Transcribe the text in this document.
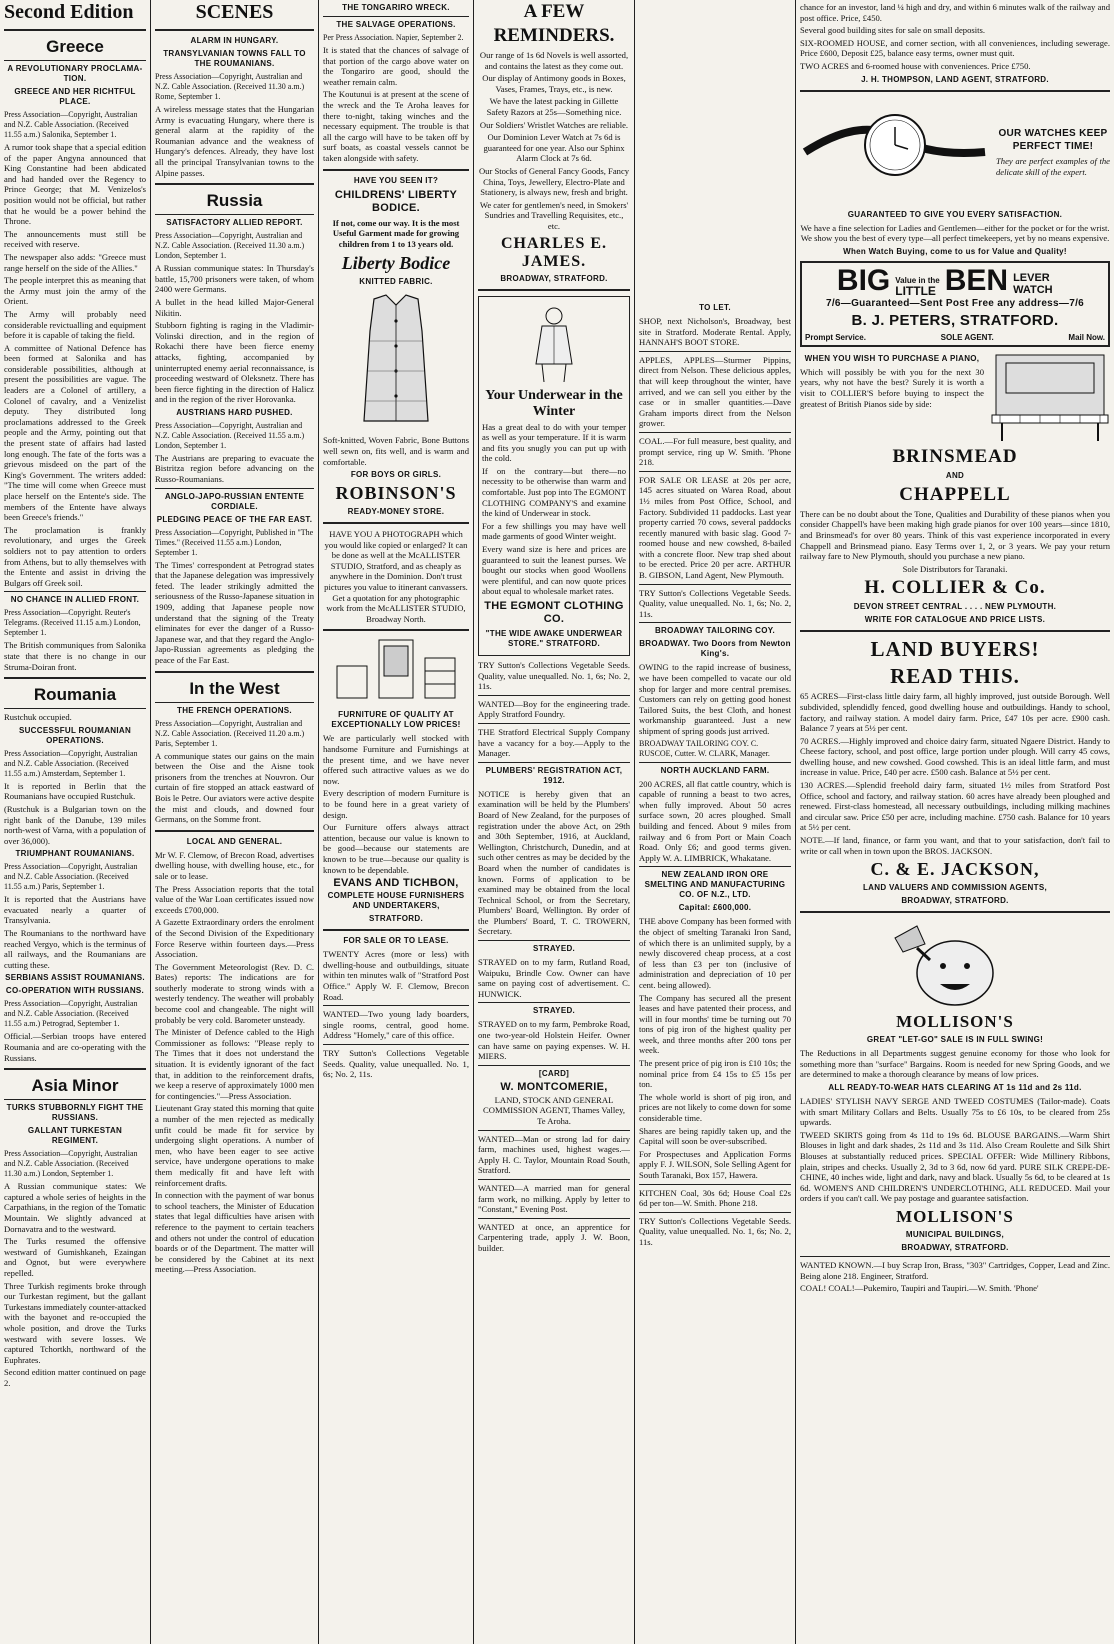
Second Edition
Greece
A REVOLUTIONARY PROCLAMA-TION.
GREECE AND HER RICHTFUL PLACE.

Press Association—Copyright, Australian and N.Z. Cable Association. (Received 11.55 a.m.) Salonika, September 1.

A rumor took shape that a special edition of the paper Angyna announced that King Constantine had been abdicated and had handed over the Regency to Prince George; that M. Venizelos's position would not be official, but rather that he would be a power behind the Throne.

The announcements must still be received with reserve.

The newspaper also adds: "Greece must range herself on the side of the Allies."

The people interpret this as meaning that the Army must join the army of the Orient.

The Army will probably need considerable revictualling and equipment before it is capable of taking the field.

A committee of National Defence has been formed at Salonika and has considerable possibilities, although at present the possibilities are vague. The leaders are a Colonel of artillery, a Colonel of cavalry, and a Venizelist deputy. They distributed long proclamations addressed to the Greek people and the Army, pointing out that the present state of affairs had lasted long enough. The fate of the forts was a grievous misdeed on the part of the King's Government. The writers added: "The time will come when Greece must place herself on the Entente's side. The members of the Entente have always been Greece's friends."

The proclamation is frankly revolutionary, and urges the Greek soldiers not to pay attention to orders from Athens, but to ally themselves with the Entente and assist in driving the Bulgars off Greek soil.

NO CHANCE IN ALLIED FRONT.

Press Association—Copyright. Reuter's Telegrams. (Received 11.15 a.m.) London, September 1.

The British communiques from Salonika state that there is no change in our Struma-Doiran front.

Roumania

Rustchuk occupied.

SUCCESSFUL ROUMANIAN OPERATIONS.

Press Association—Copyright, Australian and N.Z. Cable Association. (Received 11.55 a.m.) Amsterdam, September 1.

It is reported in Berlin that the Roumanians have occupied Rustchuk.

(Rustchuk is a Bulgarian town on the right bank of the Danube, 139 miles north-west of Varna, with a population of over 36,000).

TRIUMPHANT ROUMANIANS.

Press Association—Copyright, Australian and N.Z. Cable Association. (Received 11.55 a.m.) Paris, September 1.

It is reported that the Austrians have evacuated nearly a quarter of Transylvania.

The Roumanians to the northward have reached Vergyo, which is the terminus of all railways, and the Roumanians are cutting these.

SERBIANS ASSIST ROUMANIANS.
CO-OPERATION WITH RUSSIANS.

Press Association—Copyright, Australian and N.Z. Cable Association. (Received 11.55 a.m.) Petrograd, September 1.

Official.—Serbian troops have entered Roumania and are co-operating with the Russians.

Asia Minor
TURKS STUBBORNLY FIGHT THE RUSSIANS.
GALLANT TURKESTAN REGIMENT.

Press Association—Copyright, Australian and N.Z. Cable Association. (Received 11.30 a.m.) London, September 1.

A Russian communique states: We captured a whole series of heights in the Carpathians, in the region of the Tomatic Mountain. We slightly advanced at Dornavatra and to the westward.

The Turks resumed the offensive westward of Gumishkaneh, Ezaingan and Ognot, but were everywhere repelled.

Three Turkish regiments broke through our Turkestan regiment, but the gallant Turkestans immediately counter-attacked with the bayonet and re-occupied the whole position, and drove the Turks westward with severe losses. We captured Tchortkh, northward of the Euphrates.

Second edition matter continued on page 2.

SCENES
ALARM IN HUNGARY.
TRANSYLVANIAN TOWNS FALL TO THE ROUMANIANS.

Press Association—Copyright, Australian and N.Z. Cable Association. (Received 11.30 a.m.) Rome, September 1.

A wireless message states that the Hungarian Army is evacuating Hungary, where there is general alarm at the rapidity of the Roumanian advance and the weakness of Hungary's defences. Already, they have lost all the principal Transylvanian towns to the Alpine passes.

Russia
SATISFACTORY ALLIED REPORT.

Press Association—Copyright, Australian and N.Z. Cable Association. (Received 11.30 a.m.) London, September 1.

A Russian communique states: In Thursday's battle, 15,700 prisoners were taken, of whom 2400 were Germans.

A bullet in the head killed Major-General Nikitin.

Stubborn fighting is raging in the Vladimir-Volinski direction, and in the region of Rokachi there have been fierce enemy attacks, fighting, accompanied by uninterrupted enemy aerial reconnaissance, is proceeding westward of Oleksnetz. There has been fierce fighting in the direction of Halicz and in the region of the river Horovanka.

AUSTRIANS HARD PUSHED.

Press Association—Copyright, Australian and N.Z. Cable Association. (Received 11.55 a.m.) London, September 1.

The Austrians are preparing to evacuate the Bistritza region before advancing on the Russo-Roumanians.

ANGLO-JAPO-RUSSIAN ENTENTE CORDIALE.
PLEDGING PEACE OF THE FAR EAST.

Press Association—Copyright, Published in "The Times." (Received 11.55 a.m.) London, September 1.

The Times' correspondent at Petrograd states that the Japanese delegation was impressively feted. The leader strikingly admitted the seriousness of the Russo-Japanese situation in 1909, adding that Japanese people now understand that the signing of the Treaty eliminates for ever the danger of a Russo-Japanese war, and that they regard the Anglo-Japo-Russian agreements as pledging the peace of the Far East.

In the West
THE FRENCH OPERATIONS.

Press Association—Copyright, Australian and N.Z. Cable Association. (Received 11.20 a.m.) Paris, September 1.

A communique states our gains on the main between the Oise and the Aisne took prisoners from the trenches at Nouvron. Our curtain of fire stopped an attack eastward of Bois le Petre. Our aviators were active despite the mist and clouds, and downed four Germans, on the Somme front.

LOCAL AND GENERAL.

Mr W. F. Clemow, of Brecon Road, advertises dwelling house, with dwelling house, etc., for sale or to lease.

The Press Association reports that the total value of the War Loan certificates issued now exceeds £700,000.

A Gazette Extraordinary orders the enrolment of the Second Division of the Expeditionary Force Reserve within fourteen days.—Press Association.

The Government Meteorologist (Rev. D. C. Bates) reports: The indications are for southerly moderate to strong winds with a westerly tendency. The weather will probably become cool and changeable. The night will probably be very cold. Barometer unsteady.

The Minister of Defence cabled to the High Commissioner as follows: "Please reply to The Times that it does not understand the situation. It is evidently ignorant of the fact that, in addition to the reinforcement drafts, we keep a reserve of approximately 1000 men for contingencies."—Press Association.

Lieutenant Gray stated this morning that quite a number of the men rejected as medically unfit could be made fit for service by undergoing slight operations. A number of men, who have been eager to see active service, have undergone operations to make them medically fit and have left with reinforcement drafts.

In connection with the payment of war bonus to school teachers, the Minister of Education states that legal difficulties have arisen with reference to the payment to certain teachers and others not under the control of education boards or of the Department. The matter will be considered by the Cabinet at its next meeting.—Press Association.

THE TONGARIRO WRECK.
THE SALVAGE OPERATIONS.

Per Press Association. Napier, September 2.

It is stated that the chances of salvage of that portion of the cargo above water on the Tongariro are good, should the weather remain calm.

The Koutunui is at present at the scene of the wreck and the Te Aroha leaves for there to-night, taking winches and the necessary equipment. The trouble is that all the cargo will have to be taken off by surf boats, as coastal vessels cannot be taken alongside with safety.

HAVE YOU SEEN IT?
CHILDRENS' LIBERTY BODICE.

If not, come our way. It is the most Useful Garment made for growing children from 1 to 13 years old.

Liberty Bodice
KNITTED FABRIC.

Soft-knitted, Woven Fabric, Bone Buttons well sewn on, fits well, and is warm and comfortable.

FOR BOYS OR GIRLS.
ROBINSON'S
READY-MONEY STORE.

HAVE YOU A PHOTOGRAPH which you would like copied or enlarged? It can be done as well at the McALLISTER STUDIO, Stratford, and as cheaply as anywhere in the Dominion. Don't trust pictures you value to itinerant canvassers. Get a quotation for any photographic work from the McALLISTER STUDIO, Broadway North.

FURNITURE OF QUALITY AT EXCEPTIONALLY LOW PRICES!

We are particularly well stocked with handsome Furniture and Furnishings at the present time, and we have never offered such attractive values as we do now.

Every description of modern Furniture is to be found here in a great variety of design.

Our Furniture offers always attract attention, because our value is known to be good—because our statements are known to be true—because our quality is known to be dependable.

EVANS AND TICHBON,
COMPLETE HOUSE FURNISHERS AND UNDERTAKERS,
STRATFORD.
FOR SALE OR TO LEASE.

TWENTY Acres (more or less) with dwelling-house and outbuildings, situate within ten minutes walk of "Stratford Post Office." Apply W. F. Clemow, Brecon Road.

WANTED—Two young lady boarders, single rooms, central, good home. Address "Homely," care of this office.

TRY Sutton's Collections Vegetable Seeds. Quality, value unequalled. No. 1, 6s; No. 2, 11s.

A FEW REMINDERS.

Our range of 1s 6d Novels is well assorted, and contains the latest as they come out.

Our display of Antimony goods in Boxes, Vases, Frames, Trays, etc., is new.

We have the latest packing in Gillette Safety Razors at 25s—Something nice.

Our Soldiers' Wristlet Watches are reliable.

Our Dominion Lever Watch at 7s 6d is guaranteed for one year. Also our Sphinx Alarm Clock at 7s 6d.

Our Stocks of General Fancy Goods, Fancy China, Toys, Jewellery, Electro-Plate and Stationery, is always new, fresh and bright.

We cater for gentlemen's need, in Smokers' Sundries and Travelling Requisites, etc., etc.

CHARLES E. JAMES.
BROADWAY, STRATFORD.
Your Underwear in the Winter

Has a great deal to do with your temper as well as your temperature. If it is warm and fits you snugly you can put up with the cold.

If on the contrary—but there—no necessity to be otherwise than warm and comfortable. Just pop into The EGMONT CLOTHING COMPANY'S and examine the kind of Underwear in stock.

For a few shillings you may have well made garments of good Winter weight.

Every wand size is here and prices are guaranteed to suit the leanest purses. We bought our stocks when good Woollens were plentiful, and can now quote prices about equal to wholesale market rates.

THE EGMONT CLOTHING CO.
"THE WIDE AWAKE UNDERWEAR STORE." STRATFORD.

TRY Sutton's Collections Vegetable Seeds. Quality, value unequalled. No. 1, 6s; No. 2, 11s.

WANTED—Boy for the engineering trade. Apply Stratford Foundry.

THE Stratford Electrical Supply Company have a vacancy for a boy.—Apply to the Manager.

PLUMBERS' REGISTRATION ACT, 1912.

NOTICE is hereby given that an examination will be held by the Plumbers' Board of New Zealand, for the purposes of registration under the above Act, on 29th and 30th September, 1916, at Auckland, Wellington, Christchurch, Dunedin, and at such other centres as may be decided by the Board when the number of candidates is known. Forms of application to be examined may be obtained from the local Technical School, or from the Secretary, Plumbers' Board, Wellington. By order of the Plumbers' Board, T. C. TROWERN, Secretary.

STRAYED.

STRAYED on to my farm, Rutland Road, Waipuku, Brindle Cow. Owner can have same on paying cost of advertisement. C. HUNWICK.

STRAYED.

STRAYED on to my farm, Pembroke Road, one two-year-old Holstein Heifer. Owner can have same on paying expenses. W. H. MIERS.

[CARD]
W. MONTCOMERIE,

LAND, STOCK AND GENERAL COMMISSION AGENT, Thames Valley, Te Aroha.

WANTED—Man or strong lad for dairy farm, machines used, highest wages.—Apply H. C. Taylor, Mountain Road South, Stratford.

WANTED—A married man for general farm work, no milking. Apply by letter to "Constant," Evening Post.

WANTED at once, an apprentice for Carpentering trade, apply J. W. Boon, builder.

TO LET.

SHOP, next Nicholson's, Broadway, best site in Stratford. Moderate Rental. Apply, HANNAH'S BOOT STORE.

APPLES, APPLES—Sturmer Pippins, direct from Nelson. These delicious apples, that will keep throughout the winter, have arrived, and we can sell you either by the case or in smaller quantities.—Dave Graham imports direct from the Nelson grower.

COAL.—For full measure, best quality, and prompt service, ring up W. Smith. 'Phone 218.

FOR SALE OR LEASE at 20s per acre, 145 acres situated on Warea Road, about 1½ miles from Post Office, School, and Factory. Subdivided 11 paddocks. Last year property carried 70 cows, several paddocks recently manured with basic slag. Good 7-roomed house and new cowshed, 8-bailed with a concrete floor. New trap shed about to be erected. Price 20 per acre. ARTHUR B. GIBSON, Land Agent, New Plymouth.

TRY Sutton's Collections Vegetable Seeds. Quality, value unequalled. No. 1, 6s; No. 2, 11s.

BROADWAY TAILORING COY.
BROADWAY. Two Doors from Newton King's.

OWING to the rapid increase of business, we have been compelled to vacate our old shop for larger and more central premises. Customers can rely on getting good honest Tailored Suits, the best Cloth, and honest workmanship guaranteed. Just a new shipment of spring goods just arrived.

BROADWAY TAILORING COY. C. RUSCOE, Cutter. W. CLARK, Manager.

NORTH AUCKLAND FARM.

200 ACRES, all flat cattle country, which is capable of running a beast to two acres, when fully improved. About 50 acres surface sown, 20 acres ploughed. Small building and fenced. About 9 miles from railway and 6 from Port or Main Coach Road. Only £6; and good terms given. Apply W. A. LIMBRICK, Whakatane.

NEW ZEALAND IRON ORE SMELTING AND MANUFACTURING CO. OF N.Z., LTD.
Capital: £600,000.

THE above Company has been formed with the object of smelting Taranaki Iron Sand, of which there is an unlimited supply, by a newly discovered cheap process, at a cost of less than £3 per ton (inclusive of administration and depreciation of 10 per cent. being allowed).

The Company has secured all the present leases and have patented their process, and will in four months' time be turning out 70 tons of pig iron of the highest quality per week, and three months after 200 tons per week.

The present price of pig iron is £10 10s; the nominal price from £4 15s to £5 15s per ton.

The whole world is short of pig iron, and prices are not likely to come down for some considerable time.

Shares are being rapidly taken up, and the Capital will soon be over-subscribed.

For Prospectuses and Application Forms apply F. J. WILSON, Sole Selling Agent for South Taranaki, Box 157, Hawera.

KITCHEN Coal, 30s 6d; House Coal £2s 6d per ton—W. Smith. Phone 218.

TRY Sutton's Collections Vegetable Seeds. Quality, value unequalled. No. 1, 6s; No. 2, 11s.

chance for an investor, land ¼ high and dry, and within 6 minutes walk of the railway and post office. Price, £450.

Several good building sites for sale on small deposits.

SIX-ROOMED HOUSE, and corner section, with all conveniences, including sewerage. Price £600, Deposit £25, balance easy terms, owner must quit.

TWO ACRES and 6-roomed house with conveniences. Price £750.

J. H. THOMPSON, LAND AGENT, STRATFORD.
OUR WATCHES KEEP PERFECT TIME!

They are perfect examples of the delicate skill of the expert.

GUARANTEED TO GIVE YOU EVERY SATISFACTION.

We have a fine selection for Ladies and Gentlemen—either for the pocket or for the wrist. We show you the best of every type—all perfect timekeepers, yet by no means expensive.

When Watch Buying, come to us for Value and Quality!
BIG Value in the
LITTLE BEN LEVER WATCH
7/6—Guaranteed—Sent Post Free any address—7/6
B. J. PETERS, STRATFORD.
Prompt Service.	SOLE AGENT.	Mail Now.
WHEN YOU WISH TO PURCHASE A PIANO,

Which will possibly be with you for the next 30 years, why not have the best? Surely it is worth a visit to COLLIER'S before buying to inspect the greatest of British Pianos side by side:

BRINSMEAD
AND
CHAPPELL

There can be no doubt about the Tone, Qualities and Durability of these pianos when you consider Chappell's have been making high grade pianos for over 100 years—since 1810, and Brinsmead's for over 80 years. Think of this vast experience incorporated in every Chappell and Brinsmead piano. Easy Terms over 1, 2, or 3 years. We pay your return railway fare to New Plymouth, should you purchase a new piano.

Sole Distributors for Taranaki.

H. COLLIER & Co.
DEVON STREET CENTRAL . . . . NEW PLYMOUTH.
WRITE FOR CATALOGUE AND PRICE LISTS.
LAND BUYERS!
READ THIS.

65 ACRES—First-class little dairy farm, all highly improved, just outside Borough. Well subdivided, splendidly fenced, good dwelling house and outbuildings. Handy to school, factory, and railway station. A model dairy farm. Price, £47 10s per acre. £900 cash. Balance 7 years at 5½ per cent.

70 ACRES.—Highly improved and choice dairy farm, situated Ngaere District. Handy to Cheese factory, school, and post office, large portion under plough. Will carry 45 cows, dwelling house, and new cowshed. Good cowshed. This is an ideal little farm, and must increase in value. Price, £40 per acre. £500 cash. Balance at 5½ per cent.

130 ACRES.—Splendid freehold dairy farm, situated 1½ miles from Stratford Post Office, school and factory, and railway station. 60 acres have already been ploughed and renewed. First-class homestead, all necessary outbuildings, including milking machines and circular saw. Price £50 per acre, including machine. £750 cash. Balance for 10 years at 5½ per cent.

NOTE.—If land, finance, or farm you want, and that to your satisfaction, don't fail to write or call when in town upon the BROS. JACKSON.

C. & E. JACKSON,
LAND VALUERS AND COMMISSION AGENTS,
BROADWAY, STRATFORD.
MOLLISON'S
GREAT "LET-GO" SALE IS IN FULL SWING!

The Reductions in all Departments suggest genuine economy for those who look for something more than "surface" Bargains. Room is needed for new Spring Goods, and we are determined to make a thorough clearance by means of low prices.

ALL READY-TO-WEAR HATS CLEARING AT 1s 11d and 2s 11d.

LADIES' STYLISH NAVY SERGE AND TWEED COSTUMES (Tailor-made). Coats with smart Military Collars and Belts. Usually 75s to £6 10s, to be cleared from 25s upwards.

TWEED SKIRTS going from 4s 11d to 19s 6d. BLOUSE BARGAINS.—Warm Shirt Blouses in light and dark shades, 2s 11d and 3s 11d. Also Cream Roulette and Silk Shirt Blouses at substantially reduced prices. SPECIAL OFFER: Wide Millinery Ribbons, plain, stripes and checks. Usually 2, 3d to 3 6d, now 6d yard. PURE SILK CREPE-DE-CHINE, 40 inches wide, light and dark, navy and black. Usually 5s 6d, to be cleared at 1s 6d. WOMEN'S AND CHILDREN'S UNDERCLOTHING, ALL REDUCED. Mail your orders if you can't call. We pay postage and guarantee satisfaction.

MOLLISON'S
MUNICIPAL BUILDINGS,
BROADWAY, STRATFORD.

WANTED KNOWN.—I buy Scrap Iron, Brass, "303" Cartridges, Copper, Lead and Zinc. Being alone 218. Engineer, Stratford.

COAL! COAL!—Pukemiro, Taupiri and Taupiri.—W. Smith. 'Phone'
